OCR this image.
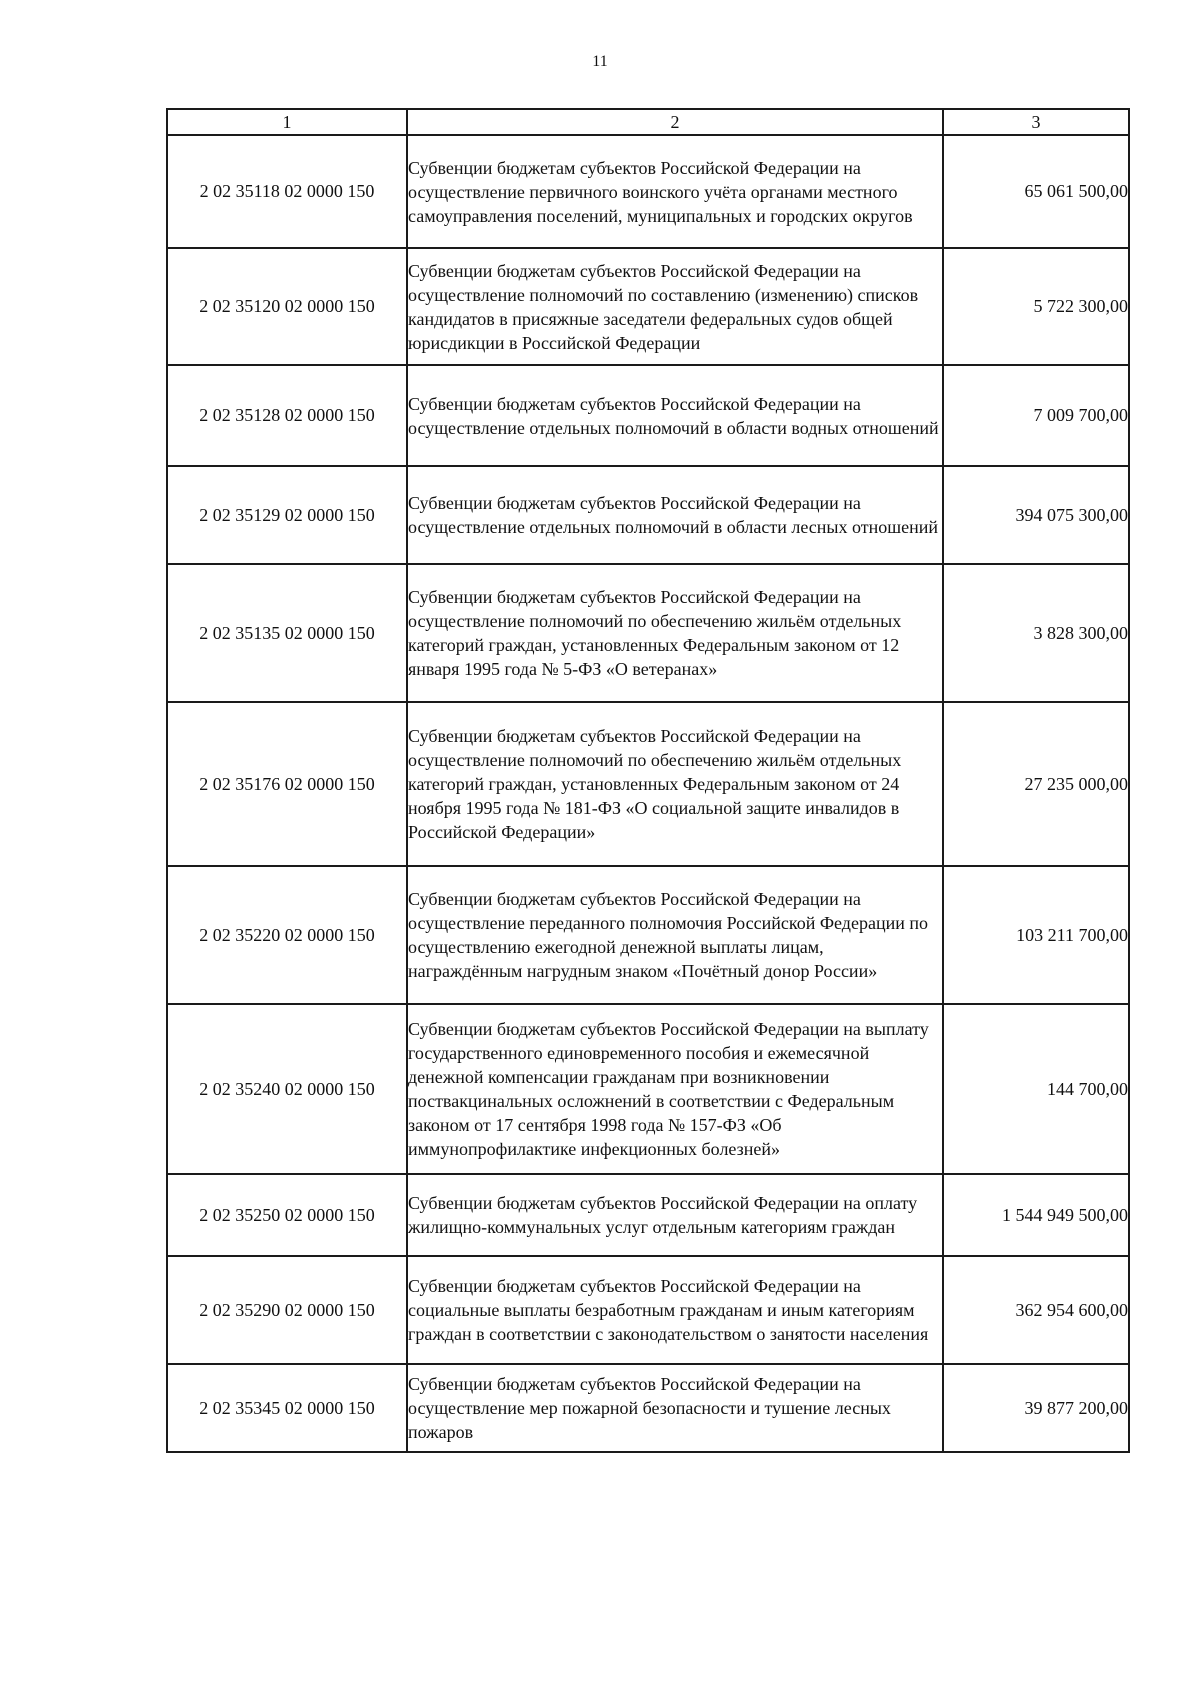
11
1	2	3
2 02 35118 02 0000 150	Субвенции бюджетам субъектов Российской Федерации на осуществление первичного воинского учёта органами местного самоуправления поселений, муниципальных и городских округов	65 061 500,00
2 02 35120 02 0000 150	Субвенции бюджетам субъектов Российской Федерации на осуществление полномочий по составлению (изменению) списков кандидатов в присяжные заседатели федеральных судов общей юрисдикции в Российской Федерации	5 722 300,00
2 02 35128 02 0000 150	Субвенции бюджетам субъектов Российской Федерации на осуществление отдельных полномочий в области водных отношений	7 009 700,00
2 02 35129 02 0000 150	Субвенции бюджетам субъектов Российской Федерации на осуществление отдельных полномочий в области лесных отношений	394 075 300,00
2 02 35135 02 0000 150	Субвенции бюджетам субъектов Российской Федерации на осуществление полномочий по обеспечению жильём отдельных категорий граждан, установленных Федеральным законом от 12 января 1995 года № 5-ФЗ «О ветеранах»	3 828 300,00
2 02 35176 02 0000 150	Субвенции бюджетам субъектов Российской Федерации на осуществление полномочий по обеспечению жильём отдельных категорий граждан, установленных Федеральным законом от 24 ноября 1995 года № 181-ФЗ «О социальной защите инвалидов в Российской Федерации»	27 235 000,00
2 02 35220 02 0000 150	Субвенции бюджетам субъектов Российской Федерации на осуществление переданного полномочия Российской Федерации по осуществлению ежегодной денежной выплаты лицам, награждённым нагрудным знаком «Почётный донор России»	103 211 700,00
2 02 35240 02 0000 150	Субвенции бюджетам субъектов Российской Федерации на выплату государственного единовременного пособия и ежемесячной денежной компенсации гражданам при возникновении поствакцинальных осложнений в соответствии с Федеральным законом от 17 сентября 1998 года № 157-ФЗ «Об иммунопрофилактике инфекционных болезней»	144 700,00
2 02 35250 02 0000 150	Субвенции бюджетам субъектов Российской Федерации на оплату жилищно-коммунальных услуг отдельным категориям граждан	1 544 949 500,00
2 02 35290 02 0000 150	Субвенции бюджетам субъектов Российской Федерации на социальные выплаты безработным гражданам и иным категориям граждан в соответствии с законодательством о занятости населения	362 954 600,00
2 02 35345 02 0000 150	Субвенции бюджетам субъектов Российской Федерации на осуществление мер пожарной безопасности и тушение лесных пожаров	39 877 200,00
